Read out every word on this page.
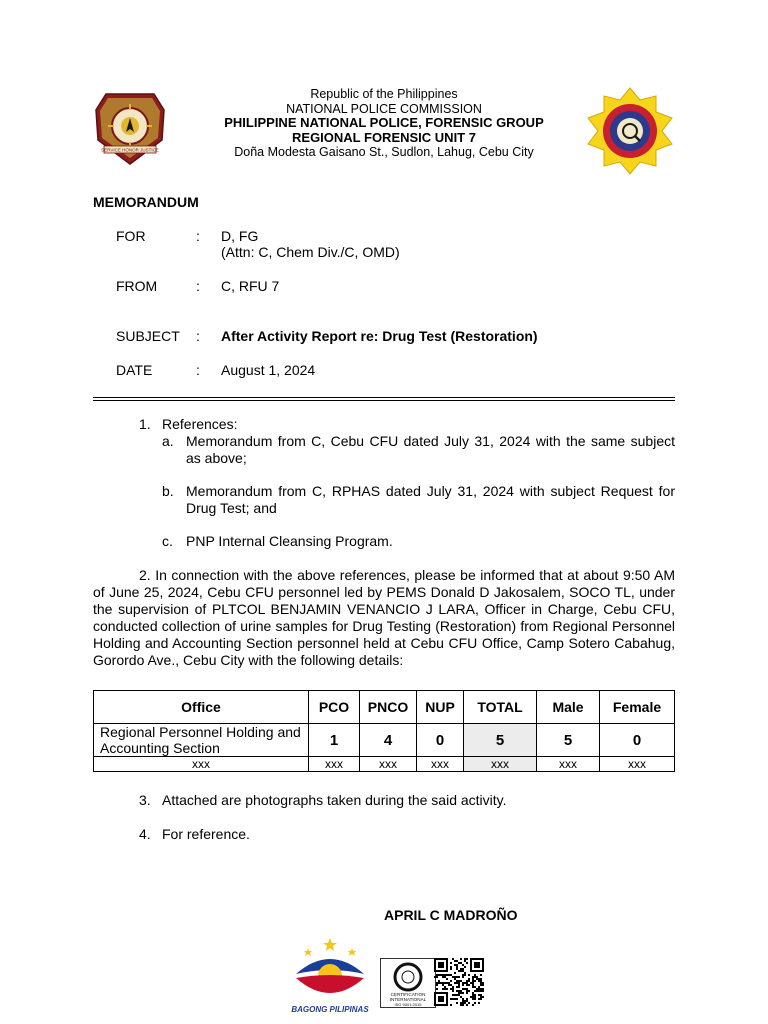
SERVICE HONOR JUSTICE
Republic of the Philippines
NATIONAL POLICE COMMISSION
PHILIPPINE NATIONAL POLICE, FORENSIC GROUP
REGIONAL FORENSIC UNIT 7
Doña Modesta Gaisano St., Sudlon, Lahug, Cebu City
MEMORANDUM
FOR	: D, FG
(Attn: C, Chem Div./C, OMD)
FROM	: C, RFU 7
SUBJECT : After Activity Report re: Drug Test (Restoration)
DATE	: August 1, 2024
1. References:
a. Memorandum from C, Cebu CFU dated July 31, 2024 with the same subject as above;
b. Memorandum from C, RPHAS dated July 31, 2024 with subject Request for Drug Test; and
c. PNP Internal Cleansing Program.
2. In connection with the above references, please be informed that at about 9:50 AM of June 25, 2024, Cebu CFU personnel led by PEMS Donald D Jakosalem, SOCO TL, under the supervision of PLTCOL BENJAMIN VENANCIO J LARA, Officer in Charge, Cebu CFU, conducted collection of urine samples for Drug Testing (Restoration) from Regional Personnel Holding and Accounting Section personnel held at Cebu CFU Office, Camp Sotero Cabahug, Gorordo Ave., Cebu City with the following details:
Office	PCO	PNCO	NUP	TOTAL	Male	Female
Regional Personnel Holding and Accounting Section	1	4	0	5	5	0
xxx	xxx	xxx	xxx	xxx	xxx	xxx
3. Attached are photographs taken during the said activity.
4. For reference.
APRIL C MADROÑO
BAGONG PILIPINAS
CERTIFICATION
INTERNATIONAL
ISO 9001:2015
